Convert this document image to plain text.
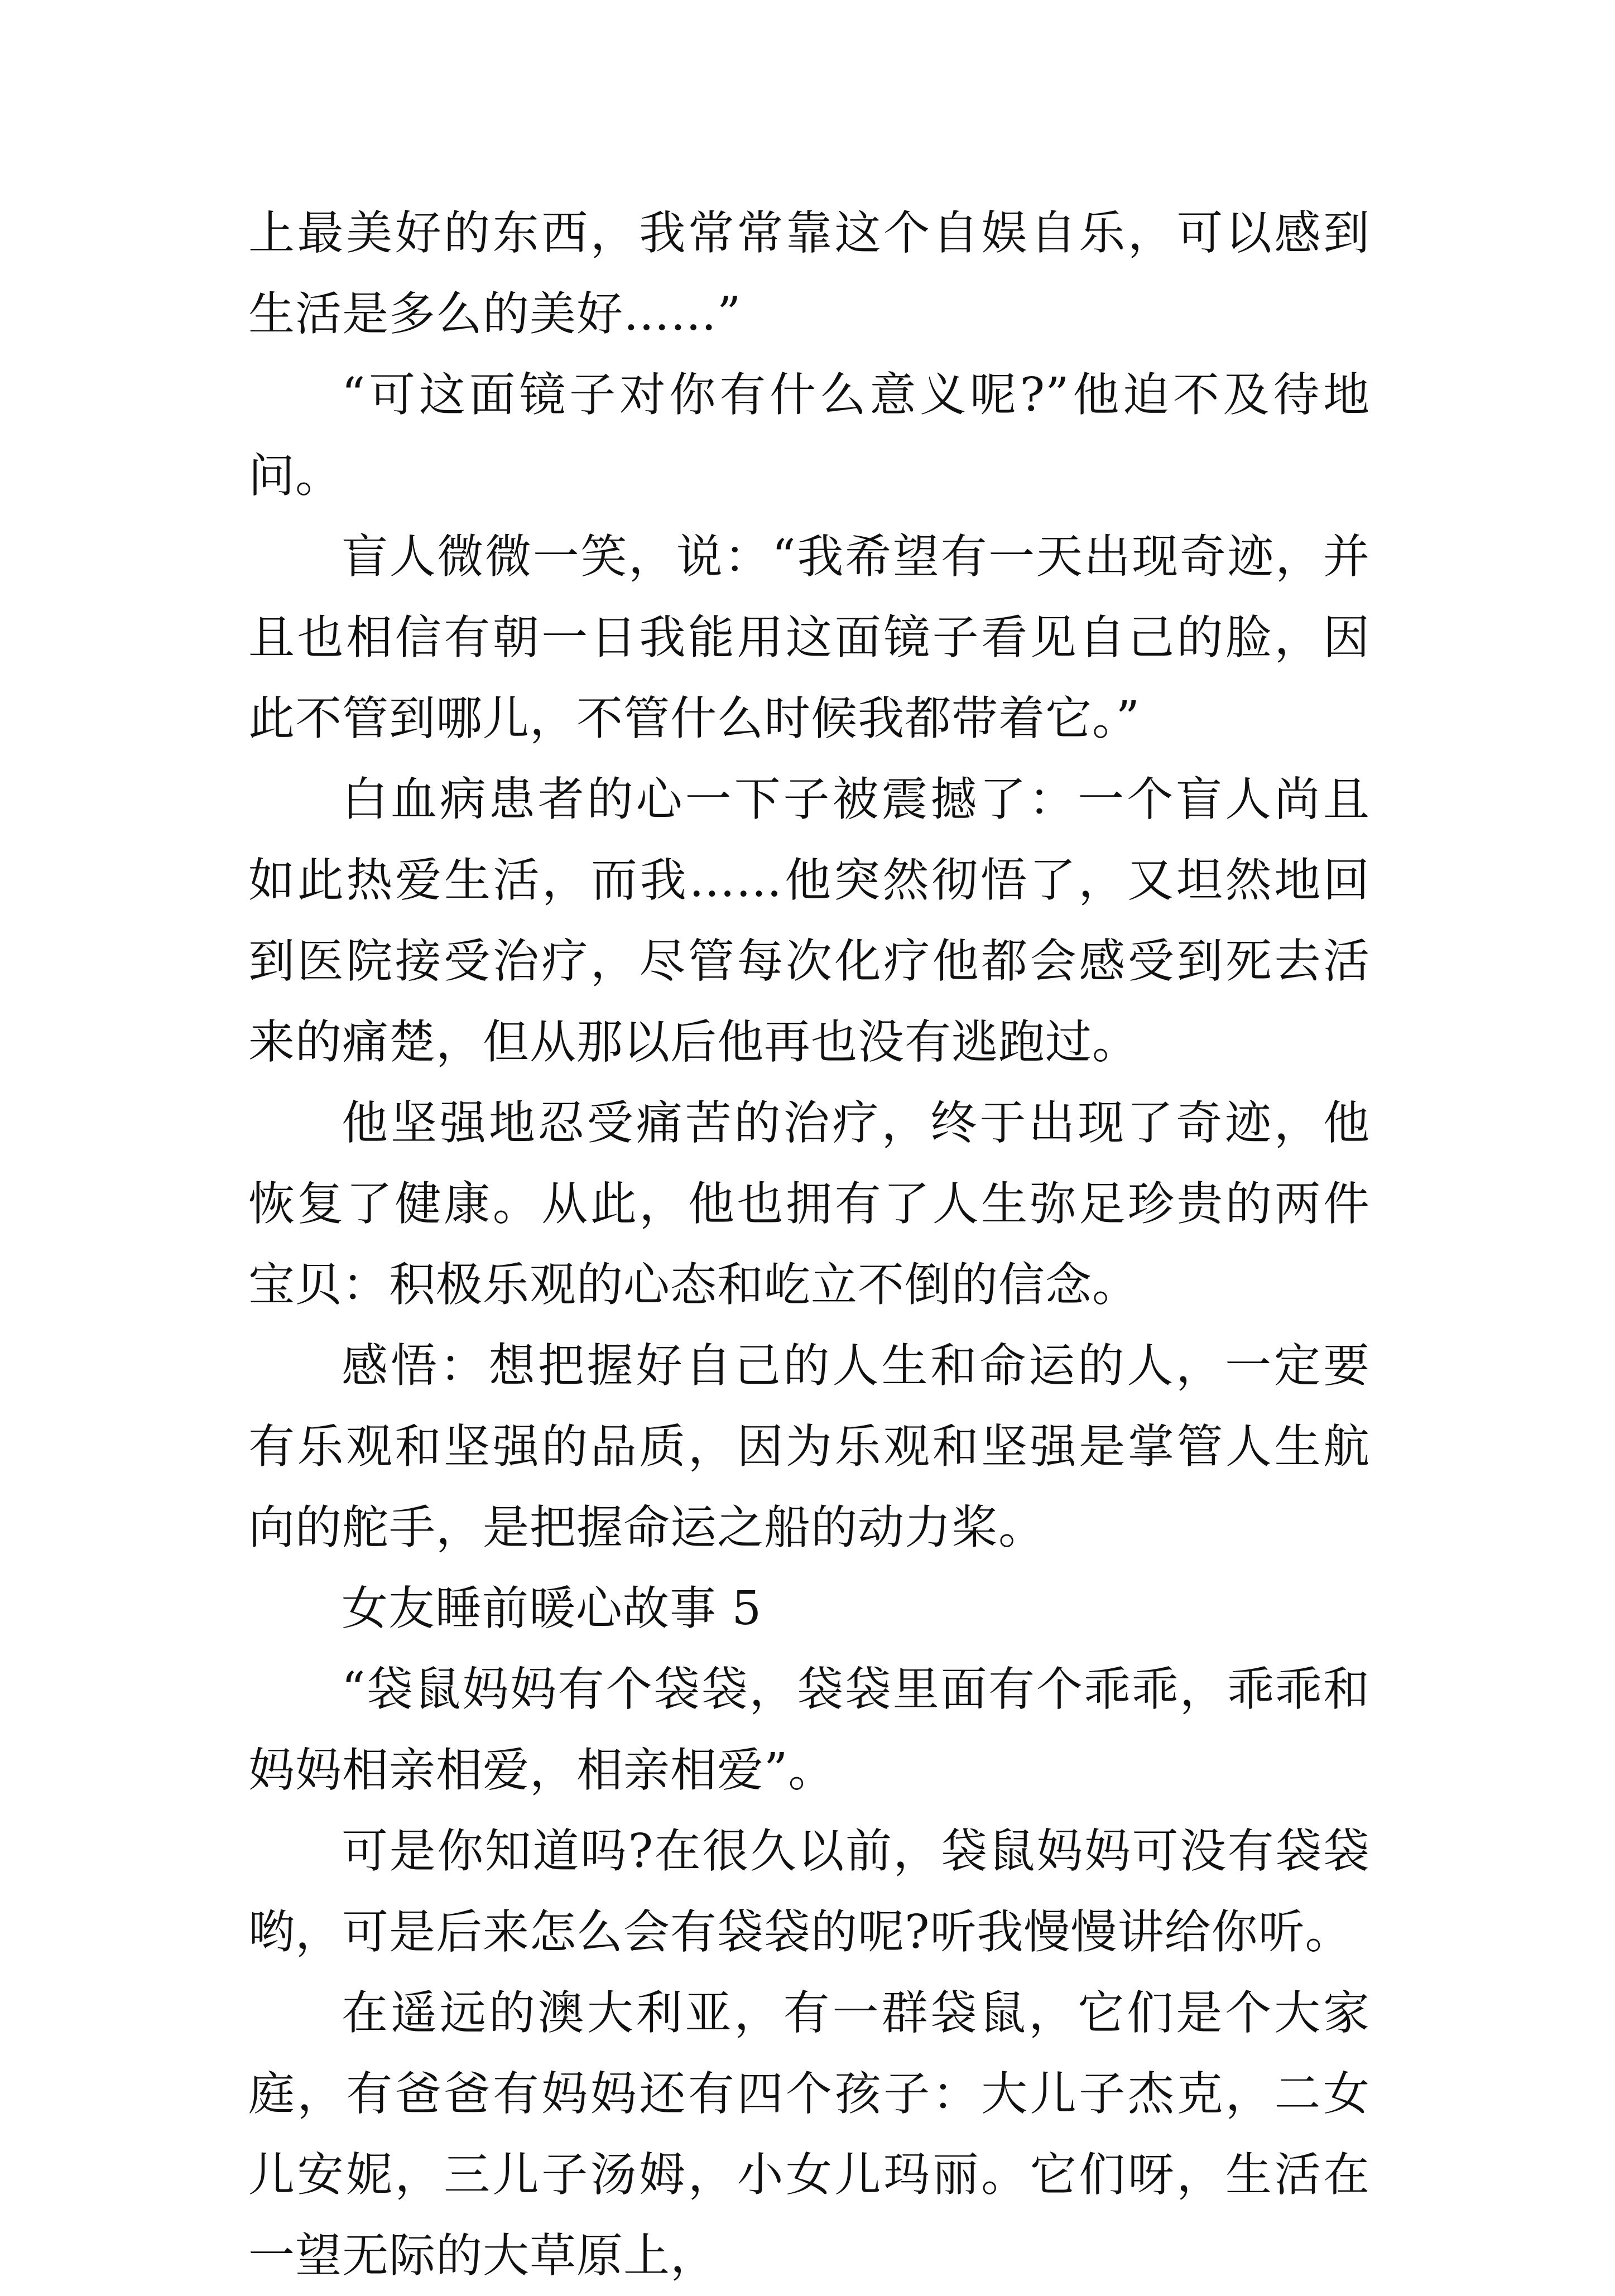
上最美好的东西，我常常靠这个自娱自乐，可以感到生活是多么的美好……”

“可这面镜子对你有什么意义呢?”他迫不及待地问。

盲人微微一笑，说：“我希望有一天出现奇迹，并且也相信有朝一日我能用这面镜子看见自己的脸，因此不管到哪儿，不管什么时候我都带着它。”

白血病患者的心一下子被震撼了：一个盲人尚且如此热爱生活，而我……他突然彻悟了，又坦然地回到医院接受治疗，尽管每次化疗他都会感受到死去活来的痛楚，但从那以后他再也没有逃跑过。

他坚强地忍受痛苦的治疗，终于出现了奇迹，他恢复了健康。从此，他也拥有了人生弥足珍贵的两件宝贝：积极乐观的心态和屹立不倒的信念。

感悟：想把握好自己的人生和命运的人，一定要有乐观和坚强的品质，因为乐观和坚强是掌管人生航向的舵手，是把握命运之船的动力桨。

女友睡前暖心故事 5

“袋鼠妈妈有个袋袋，袋袋里面有个乖乖，乖乖和妈妈相亲相爱，相亲相爱”。

可是你知道吗?在很久以前，袋鼠妈妈可没有袋袋哟，可是后来怎么会有袋袋的呢?听我慢慢讲给你听。

在遥远的澳大利亚，有一群袋鼠，它们是个大家庭，有爸爸有妈妈还有四个孩子：大儿子杰克，二女儿安妮，三儿子汤姆，小女儿玛丽。它们呀，生活在一望无际的大草原上，
